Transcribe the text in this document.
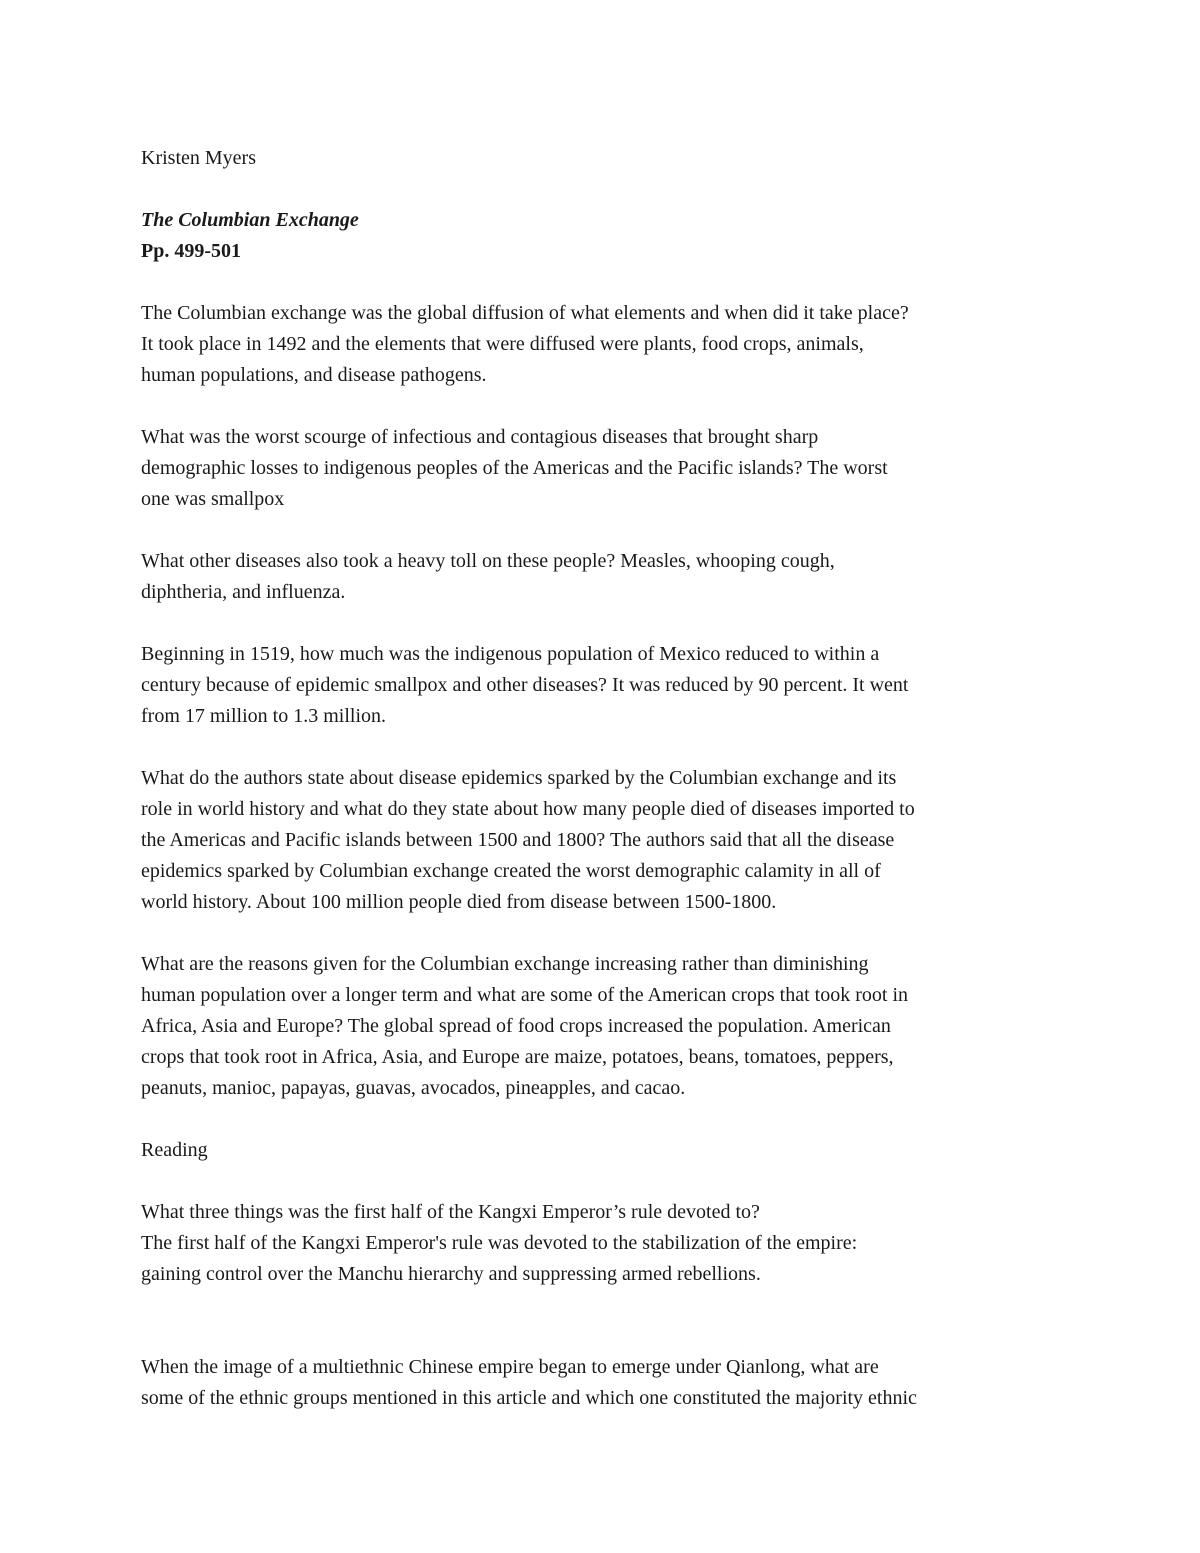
Kristen Myers
The Columbian Exchange
Pp. 499-501
The Columbian exchange was the global diffusion of what elements and when did it take place?
It took place in 1492 and the elements that were diffused were plants, food crops, animals,
human populations, and disease pathogens.
What was the worst scourge of infectious and contagious diseases that brought sharp
demographic losses to indigenous peoples of the Americas and the Pacific islands? The worst
one was smallpox
What other diseases also took a heavy toll on these people? Measles, whooping cough,
diphtheria, and influenza.
Beginning in 1519, how much was the indigenous population of Mexico reduced to within a
century because of epidemic smallpox and other diseases? It was reduced by 90 percent. It went
from 17 million to 1.3 million.
What do the authors state about disease epidemics sparked by the Columbian exchange and its
role in world history and what do they state about how many people died of diseases imported to
the Americas and Pacific islands between 1500 and 1800? The authors said that all the disease
epidemics sparked by Columbian exchange created the worst demographic calamity in all of
world history. About 100 million people died from disease between 1500-1800.
What are the reasons given for the Columbian exchange increasing rather than diminishing
human population over a longer term and what are some of the American crops that took root in
Africa, Asia and Europe? The global spread of food crops increased the population. American
crops that took root in Africa, Asia, and Europe are maize, potatoes, beans, tomatoes, peppers,
peanuts, manioc, papayas, guavas, avocados, pineapples, and cacao.
Reading
What three things was the first half of the Kangxi Emperor’s rule devoted to?
The first half of the Kangxi Emperor's rule was devoted to the stabilization of the empire:
gaining control over the Manchu hierarchy and suppressing armed rebellions.
When the image of a multiethnic Chinese empire began to emerge under Qianlong, what are
some of the ethnic groups mentioned in this article and which one constituted the majority ethnic
